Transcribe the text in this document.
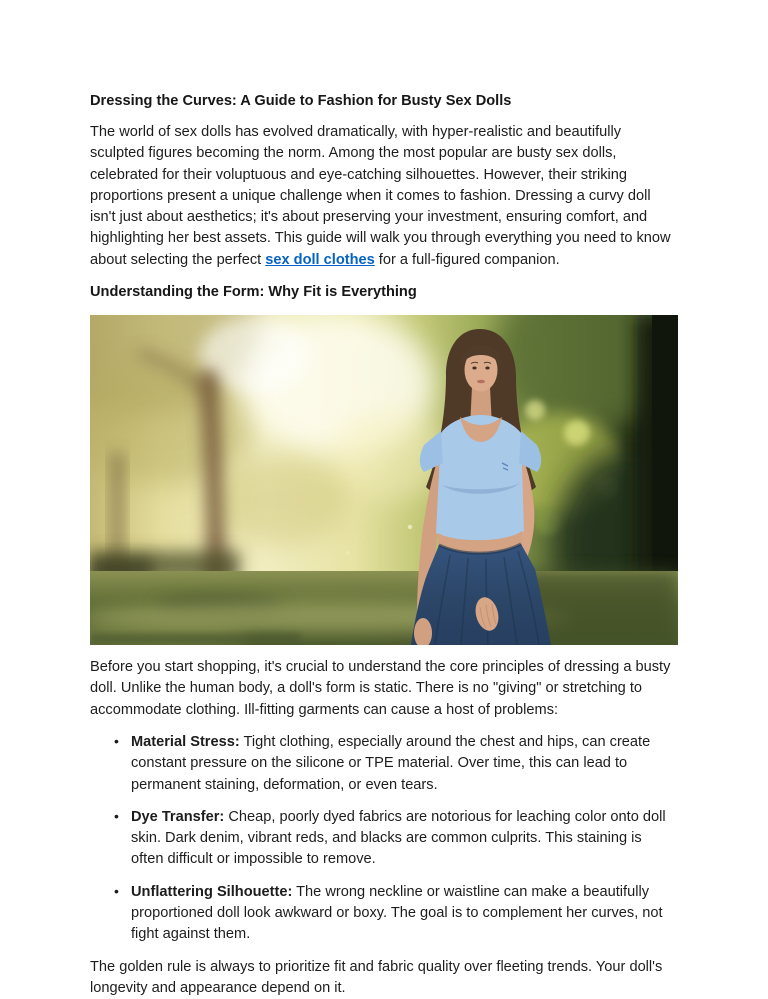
Dressing the Curves: A Guide to Fashion for Busty Sex Dolls

The world of sex dolls has evolved dramatically, with hyper-realistic and beautifully sculpted figures becoming the norm. Among the most popular are busty sex dolls, celebrated for their voluptuous and eye-catching silhouettes. However, their striking proportions present a unique challenge when it comes to fashion. Dressing a curvy doll isn't just about aesthetics; it's about preserving your investment, ensuring comfort, and highlighting her best assets. This guide will walk you through everything you need to know about selecting the perfect sex doll clothes for a full-figured companion.

Understanding the Form: Why Fit is Everything

Before you start shopping, it's crucial to understand the core principles of dressing a busty doll. Unlike the human body, a doll's form is static. There is no "giving" or stretching to accommodate clothing. Ill-fitting garments can cause a host of problems:

• Material Stress: Tight clothing, especially around the chest and hips, can create constant pressure on the silicone or TPE material. Over time, this can lead to permanent staining, deformation, or even tears.
• Dye Transfer: Cheap, poorly dyed fabrics are notorious for leaching color onto doll skin. Dark denim, vibrant reds, and blacks are common culprits. This staining is often difficult or impossible to remove.
• Unflattering Silhouette: The wrong neckline or waistline can make a beautifully proportioned doll look awkward or boxy. The goal is to complement her curves, not fight against them.

The golden rule is always to prioritize fit and fabric quality over fleeting trends. Your doll's longevity and appearance depend on it.
